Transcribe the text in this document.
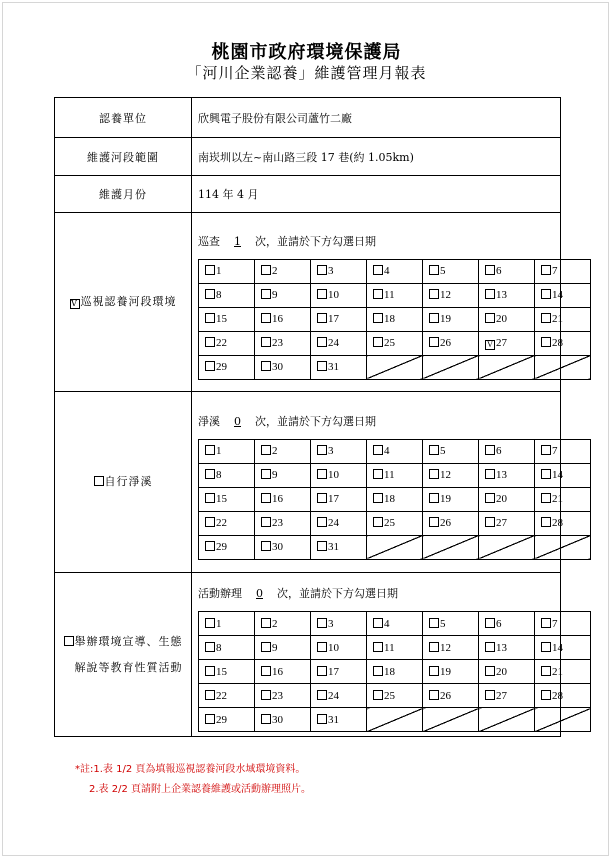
桃園市政府環境保護局
「河川企業認養」維護管理月報表
認養單位	欣興電子股份有限公司蘆竹二廠
維護河段範圍	南崁圳以左~南山路三段 17 巷(約 1.05km)
維護月份	114 年 4 月

V 巡視認養河段環境

巡查 1 次，並請於下方勾選日期
1	2	3	4	5	6	7
8	9	10	11	12	13	14
15	16	17	18	19	20	21
22	23	24	25	26	V 27	28
29	30	31				

自行淨溪

淨溪 0 次，並請於下方勾選日期
1	2	3	4	5	6	7
8	9	10	11	12	13	14
15	16	17	18	19	20	21
22	23	24	25	26	27	28
29	30	31				

舉辦環境宣導、生態
解說等教育性質活動

活動辦理 0 次，並請於下方勾選日期
1	2	3	4	5	6	7
8	9	10	11	12	13	14
15	16	17	18	19	20	21
22	23	24	25	26	27	28
29	30	31				
*註:1.表 1/2 頁為填報巡視認養河段水域環境資料。
2.表 2/2 頁請附上企業認養維護或活動辦理照片。
